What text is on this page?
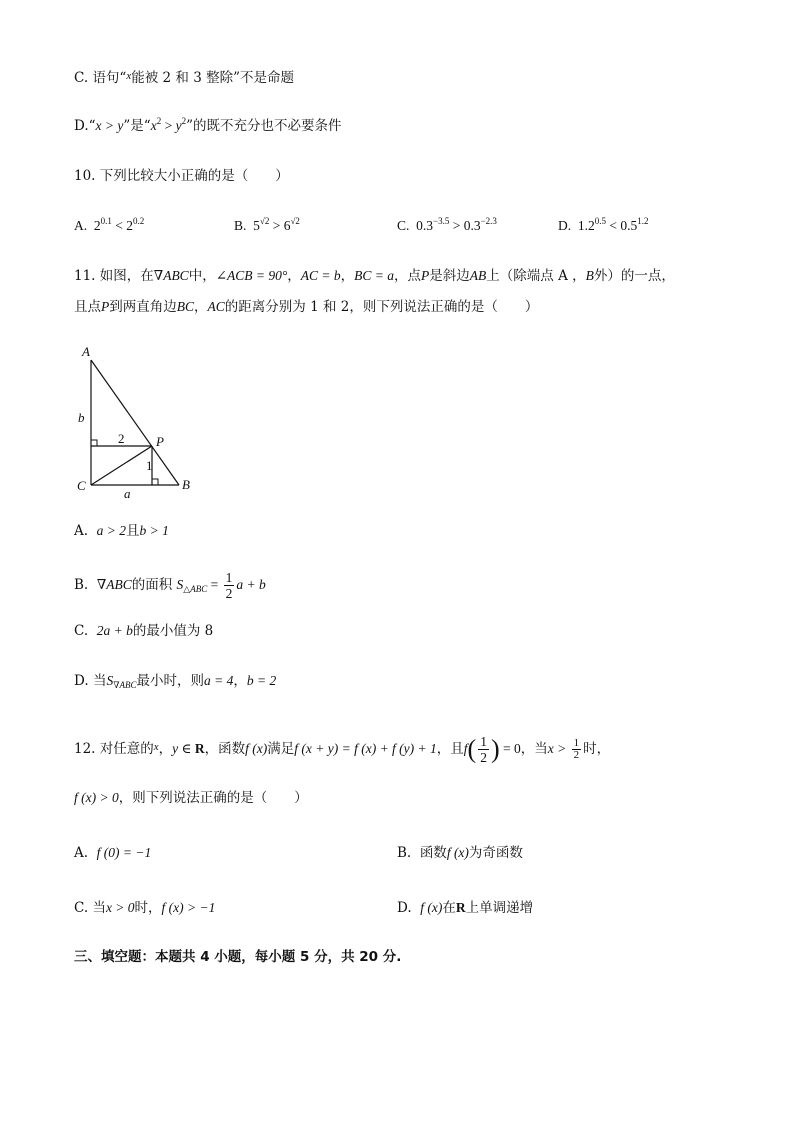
C. 语句“$^x$能被 2 和 3 整除”不是命题
D.“x > y”是“$x^2 > y^2$”的既不充分也不必要条件
10. 下列比较大小正确的是（　　）
A. $2^{0.1} < 2^{0.2}$	B. $5^{√2} > 6^{√2}$	C. $0.3^{-3.5} > 0.3^{-2.3}$	D. $1.2^{0.5} < 0.5^{1.2}$
11. 如图，在∇ABC中，∠ACB = 90°，AC = b，BC = a，点P是斜边AB上（除端点 A ，B外）的一点，
且点P到两直角边BC，AC的距离分别为 1 和 2，则下列说法正确的是（　　）
A
B
C
P
b
a
2
1
A. a > 2且b > 1
B. ∇ABC的面积 $S_{\triangle ABC} = \frac{1}{2}$ a + b
C. 2a + b的最小值为 8
D. 当$S_{\nabla ABC}$最小时，则a = 4，b = 2
12. 对任意的$^x$，y ∈ R，函数f (x)满足f (x + y) = f (x) + f (y) + 1，且$f( \frac{1}{2}$ ) = 0，当$x > \frac{1}{2}$ 时，
f (x) > 0，则下列说法正确的是（　　）
A. f (0) = −1	B. 函数f (x)为奇函数
C. 当x > 0时，f (x) > −1	D. f (x)在R上单调递增
三、填空题：本题共 4 小题，每小题 5 分，共 20 分.
